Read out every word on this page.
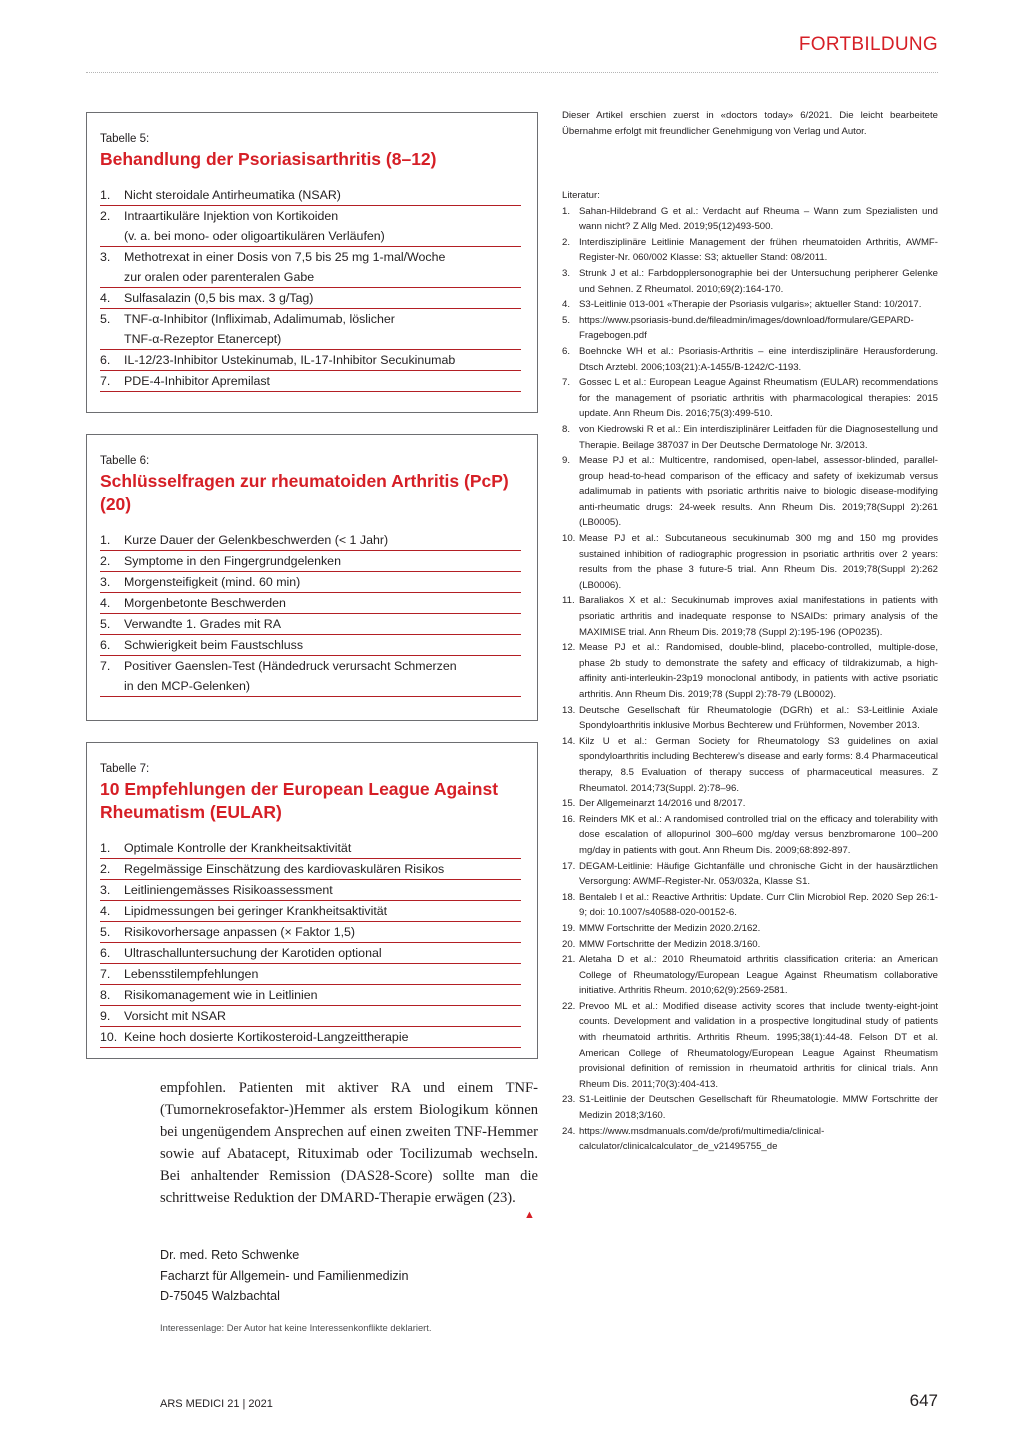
FORTBILDUNG
Tabelle 5:
Behandlung der Psoriasisarthritis (8–12)
1.	Nicht steroidale Antirheumatika (NSAR)
2.	Intraartikuläre Injektion von Kortikoiden
(v. a. bei mono- oder oligoartikulären Verläufen)
3.	Methotrexat in einer Dosis von 7,5 bis 25 mg 1-mal/Woche
zur oralen oder parenteralen Gabe
4.	Sulfasalazin (0,5 bis max. 3 g/Tag)
5.	TNF-α-Inhibitor (Infliximab, Adalimumab, löslicher
TNF-α-Rezeptor Etanercept)
6.	IL-12/23-Inhibitor Ustekinumab, IL-17-Inhibitor Secukinumab
7.	PDE-4-Inhibitor Apremilast
Tabelle 6:
Schlüsselfragen zur rheumatoiden Arthritis (PcP) (20)
1.	Kurze Dauer der Gelenkbeschwerden (< 1 Jahr)
2.	Symptome in den Fingergrundgelenken
3.	Morgensteifigkeit (mind. 60 min)
4.	Morgenbetonte Beschwerden
5.	Verwandte 1. Grades mit RA
6.	Schwierigkeit beim Faustschluss
7.	Positiver Gaenslen-Test (Händedruck verursacht Schmerzen
in den MCP-Gelenken)
Tabelle 7:
10 Empfehlungen der European League Against Rheumatism (EULAR)
1.	Optimale Kontrolle der Krankheitsaktivität
2.	Regelmässige Einschätzung des kardiovaskulären Risikos
3.	Leitliniengemässes Risikoassessment
4.	Lipidmessungen bei geringer Krankheitsaktivität
5.	Risikovorhersage anpassen (× Faktor 1,5)
6.	Ultraschalluntersuchung der Karotiden optional
7.	Lebensstilempfehlungen
8.	Risikomanagement wie in Leitlinien
9.	Vorsicht mit NSAR
10. Keine hoch dosierte Kortikosteroid-Langzeittherapie
empfohlen. Patienten mit aktiver RA und einem TNF-(Tumornekrosefaktor-)Hemmer als erstem Biologikum können bei ungenügendem Ansprechen auf einen zweiten TNF-Hemmer sowie auf Abatacept, Rituximab oder Tocilizumab wechseln. Bei anhaltender Remission (DAS28-Score) sollte man die schrittweise Reduktion der DMARD-Therapie erwägen (23).
▲
Dr. med. Reto Schwenke
Facharzt für Allgemein- und Familienmedizin
D-75045 Walzbachtal
Interessenlage: Der Autor hat keine Interessenkonflikte deklariert.
Dieser Artikel erschien zuerst in «doctors today» 6/2021. Die leicht bearbeitete Übernahme erfolgt mit freundlicher Genehmigung von Verlag und Autor.
Literatur:
1. Sahan-Hildebrand G et al.: Verdacht auf Rheuma – Wann zum Spezialisten und wann nicht? Z Allg Med. 2019;95(12)493-500.
2. Interdisziplinäre Leitlinie Management der frühen rheumatoiden Arthritis, AWMF-Register-Nr. 060/002 Klasse: S3; aktueller Stand: 08/2011.
3. Strunk J et al.: Farbdopplersonographie bei der Untersuchung peripherer Gelenke und Sehnen. Z Rheumatol. 2010;69(2):164-170.
4. S3-Leitlinie 013-001 «Therapie der Psoriasis vulgaris»; aktueller Stand: 10/2017.
5. https://www.psoriasis-bund.de/fileadmin/images/download/formulare/GEPARD-Fragebogen.pdf
6. Boehncke WH et al.: Psoriasis-Arthritis – eine interdisziplinäre Herausforderung. Dtsch Arztebl. 2006;103(21):A-1455/B-1242/C-1193.
7. Gossec L et al.: European League Against Rheumatism (EULAR) recommendations for the management of psoriatic arthritis with pharmacological therapies: 2015 update. Ann Rheum Dis. 2016;75(3):499-510.
8. von Kiedrowski R et al.: Ein interdisziplinärer Leitfaden für die Diagnosestellung und Therapie. Beilage 387037 in Der Deutsche Dermatologe Nr. 3/2013.
9. Mease PJ et al.: Multicentre, randomised, open-label, assessor-blinded, parallel-group head-to-head comparison of the efficacy and safety of ixekizumab versus adalimumab in patients with psoriatic arthritis naive to biologic disease-modifying anti-rheumatic drugs: 24-week results. Ann Rheum Dis. 2019;78(Suppl 2):261 (LB0005).
10. Mease PJ et al.: Subcutaneous secukinumab 300 mg and 150 mg provides sustained inhibition of radiographic progression in psoriatic arthritis over 2 years: results from the phase 3 future-5 trial. Ann Rheum Dis. 2019;78(Suppl 2):262 (LB0006).
11. Baraliakos X et al.: Secukinumab improves axial manifestations in patients with psoriatic arthritis and inadequate response to NSAIDs: primary analysis of the MAXIMISE trial. Ann Rheum Dis. 2019;78 (Suppl 2):195-196 (OP0235).
12. Mease PJ et al.: Randomised, double-blind, placebo-controlled, multiple-dose, phase 2b study to demonstrate the safety and efficacy of tildrakizumab, a high-affinity anti-interleukin-23p19 monoclonal antibody, in patients with active psoriatic arthritis. Ann Rheum Dis. 2019;78 (Suppl 2):78-79 (LB0002).
13. Deutsche Gesellschaft für Rheumatologie (DGRh) et al.: S3-Leitlinie Axiale Spondyloarthritis inklusive Morbus Bechterew und Frühformen, November 2013.
14. Kilz U et al.: German Society for Rheumatology S3 guidelines on axial spondyloarthritis including Bechterew’s disease and early forms: 8.4 Pharmaceutical therapy, 8.5 Evaluation of therapy success of pharmaceutical measures. Z Rheumatol. 2014;73(Suppl. 2):78–96.
15. Der Allgemeinarzt 14/2016 und 8/2017.
16. Reinders MK et al.: A randomised controlled trial on the efficacy and tolerability with dose escalation of allopurinol 300–600 mg/day versus benzbromarone 100–200 mg/day in patients with gout. Ann Rheum Dis. 2009;68:892-897.
17. DEGAM-Leitlinie: Häufige Gichtanfälle und chronische Gicht in der hausärztlichen Versorgung: AWMF-Register-Nr. 053/032a, Klasse S1.
18. Bentaleb I et al.: Reactive Arthritis: Update. Curr Clin Microbiol Rep. 2020 Sep 26:1-9; doi: 10.1007/s40588-020-00152-6.
19. MMW Fortschritte der Medizin 2020.2/162.
20. MMW Fortschritte der Medizin 2018.3/160.
21. Aletaha D et al.: 2010 Rheumatoid arthritis classification criteria: an American College of Rheumatology/European League Against Rheumatism collaborative initiative. Arthritis Rheum. 2010;62(9):2569-2581.
22. Prevoo ML et al.: Modified disease activity scores that include twenty-eight-joint counts. Development and validation in a prospective longitudinal study of patients with rheumatoid arthritis. Arthritis Rheum. 1995;38(1):44-48. Felson DT et al. American College of Rheumatology/European League Against Rheumatism provisional definition of remission in rheumatoid arthritis for clinical trials. Ann Rheum Dis. 2011;70(3):404-413.
23. S1-Leitlinie der Deutschen Gesellschaft für Rheumatologie. MMW Fortschritte der Medizin 2018;3/160.
24. https://www.msdmanuals.com/de/profi/multimedia/clinical-calculator/clinicalcalculator_de_v21495755_de
ARS MEDICI 21 | 2021	647
